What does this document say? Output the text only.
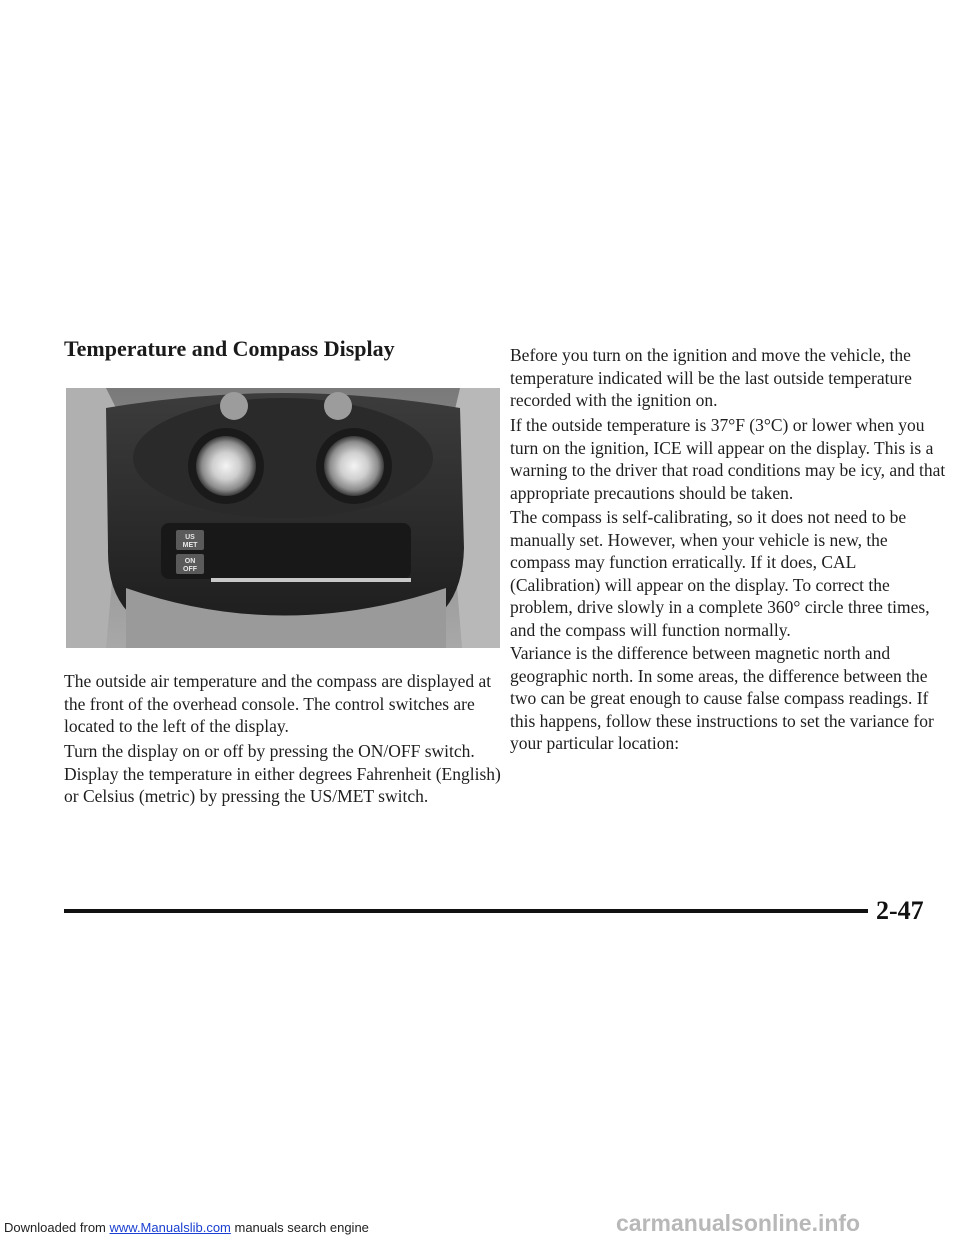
Temperature and Compass Display
US
MET
ON
OFF

The outside air temperature and the compass are displayed at the front of the overhead console. The control switches are located to the left of the display.

Turn the display on or off by pressing the ON/OFF switch. Display the temperature in either degrees Fahrenheit (English) or Celsius (metric) by pressing the US/MET switch.

Before you turn on the ignition and move the vehicle, the temperature indicated will be the last outside temperature recorded with the ignition on.

If the outside temperature is 37°F (3°C) or lower when you turn on the ignition, ICE will appear on the display. This is a warning to the driver that road conditions may be icy, and that appropriate precautions should be taken.

The compass is self-calibrating, so it does not need to be manually set. However, when your vehicle is new, the compass may function erratically. If it does, CAL (Calibration) will appear on the display. To correct the problem, drive slowly in a complete 360° circle three times, and the compass will function normally.

Variance is the difference between magnetic north and geographic north. In some areas, the difference between the two can be great enough to cause false compass readings. If this happens, follow these instructions to set the variance for your particular location:

2-47
Downloaded from www.Manualslib.com manuals search engine	carmanualsonline.info
